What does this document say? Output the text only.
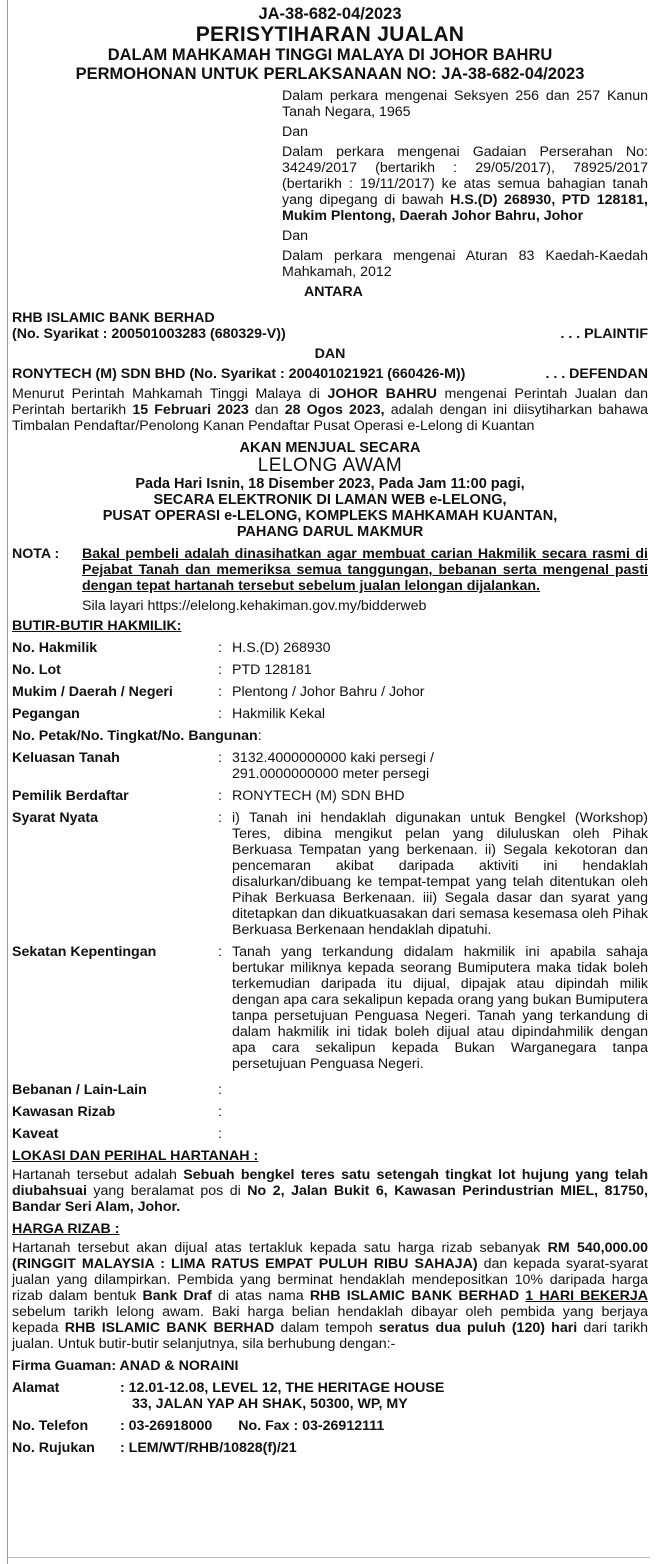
JA-38-682-04/2023
PERISYTIHARAN JUALAN
DALAM MAHKAMAH TINGGI MALAYA DI JOHOR BAHRU
PERMOHONAN UNTUK PERLAKSANAAN NO: JA-38-682-04/2023

Dalam perkara mengenai Seksyen 256 dan 257 Kanun Tanah Negara, 1965

Dan

Dalam perkara mengenai Gadaian Perserahan No: 34249/2017 (bertarikh : 29/05/2017), 78925/2017 (bertarikh : 19/11/2017) ke atas semua bahagian tanah yang dipegang di bawah H.S.(D) 268930, PTD 128181, Mukim Plentong, Daerah Johor Bahru, Johor

Dan

Dalam perkara mengenai Aturan 83 Kaedah-Kaedah Mahkamah, 2012

ANTARA
RHB ISLAMIC BANK BERHAD
(No. Syarikat : 200501003283 (680329-V))	. . . PLAINTIF
DAN
RONYTECH (M) SDN BHD (No. Syarikat : 200401021921 (660426-M))	. . . DEFENDAN

Menurut Perintah Mahkamah Tinggi Malaya di JOHOR BAHRU mengenai Perintah Jualan dan Perintah bertarikh 15 Februari 2023 dan 28 Ogos 2023, adalah dengan ini diisytiharkan bahawa Timbalan Pendaftar/Penolong Kanan Pendaftar Pusat Operasi e-Lelong di Kuantan

AKAN MENJUAL SECARA
LELONG AWAM
Pada Hari Isnin, 18 Disember 2023, Pada Jam 11:00 pagi,
SECARA ELEKTRONIK DI LAMAN WEB e-LELONG,
PUSAT OPERASI e-LELONG, KOMPLEKS MAHKAMAH KUANTAN,
PAHANG DARUL MAKMUR
NOTA :	Bakal pembeli adalah dinasihatkan agar membuat carian Hakmilik secara rasmi di Pejabat Tanah dan memeriksa semua tanggungan, bebanan serta mengenal pasti dengan tepat hartanah tersebut sebelum jualan lelongan dijalankan.
Sila layari https://elelong.kehakiman.gov.my/bidderweb
BUTIR-BUTIR HAKMILIK:
No. Hakmilik	: H.S.(D) 268930
No. Lot	: PTD 128181
Mukim / Daerah / Negeri	: Plentong / Johor Bahru / Johor
Pegangan	: Hakmilik Kekal
No. Petak/No. Tingkat/No. Bangunan :
Keluasan Tanah	: 3132.4000000000 kaki persegi /
291.0000000000 meter persegi
Pemilik Berdaftar	: RONYTECH (M) SDN BHD
Syarat Nyata	: i) Tanah ini hendaklah digunakan untuk Bengkel (Workshop) Teres, dibina mengikut pelan yang diluluskan oleh Pihak Berkuasa Tempatan yang berkenaan. ii) Segala kekotoran dan pencemaran akibat daripada aktiviti ini hendaklah disalurkan/dibuang ke tempat-tempat yang telah ditentukan oleh Pihak Berkuasa Berkenaan. iii) Segala dasar dan syarat yang ditetapkan dan dikuatkuasakan dari semasa kesemasa oleh Pihak Berkuasa Berkenaan hendaklah dipatuhi.
Sekatan Kepentingan	: Tanah yang terkandung didalam hakmilik ini apabila sahaja bertukar miliknya kepada seorang Bumiputera maka tidak boleh terkemudian daripada itu dijual, dipajak atau dipindah milik dengan apa cara sekalipun kepada orang yang bukan Bumiputera tanpa persetujuan Penguasa Negeri. Tanah yang terkandung di dalam hakmilik ini tidak boleh dijual atau dipindahmilik dengan apa cara sekalipun kepada Bukan Warganegara tanpa persetujuan Penguasa Negeri.
Bebanan / Lain-Lain	:
Kawasan Rizab	:
Kaveat	:
LOKASI DAN PERIHAL HARTANAH :

Hartanah tersebut adalah Sebuah bengkel teres satu setengah tingkat lot hujung yang telah diubahsuai yang beralamat pos di No 2, Jalan Bukit 6, Kawasan Perindustrian MIEL, 81750, Bandar Seri Alam, Johor.

HARGA RIZAB :

Hartanah tersebut akan dijual atas tertakluk kepada satu harga rizab sebanyak RM 540,000.00 (RINGGIT MALAYSIA : LIMA RATUS EMPAT PULUH RIBU SAHAJA) dan kepada syarat-syarat jualan yang dilampirkan. Pembida yang berminat hendaklah mendepositkan 10% daripada harga rizab dalam bentuk Bank Draf di atas nama RHB ISLAMIC BANK BERHAD 1 HARI BEKERJA sebelum tarikh lelong awam. Baki harga belian hendaklah dibayar oleh pembida yang berjaya kepada RHB ISLAMIC BANK BERHAD dalam tempoh seratus dua puluh (120) hari dari tarikh jualan. Untuk butir-butir selanjutnya, sila berhubung dengan:-

Firma Guaman: ANAD & NORAINI
Alamat	: 12.01-12.08, LEVEL 12, THE HERITAGE HOUSE
33, JALAN YAP AH SHAK, 50300, WP, MY
No. Telefon	: 03-26918000 No. Fax : 03-26912111
No. Rujukan	: LEM/WT/RHB/10828(f)/21
